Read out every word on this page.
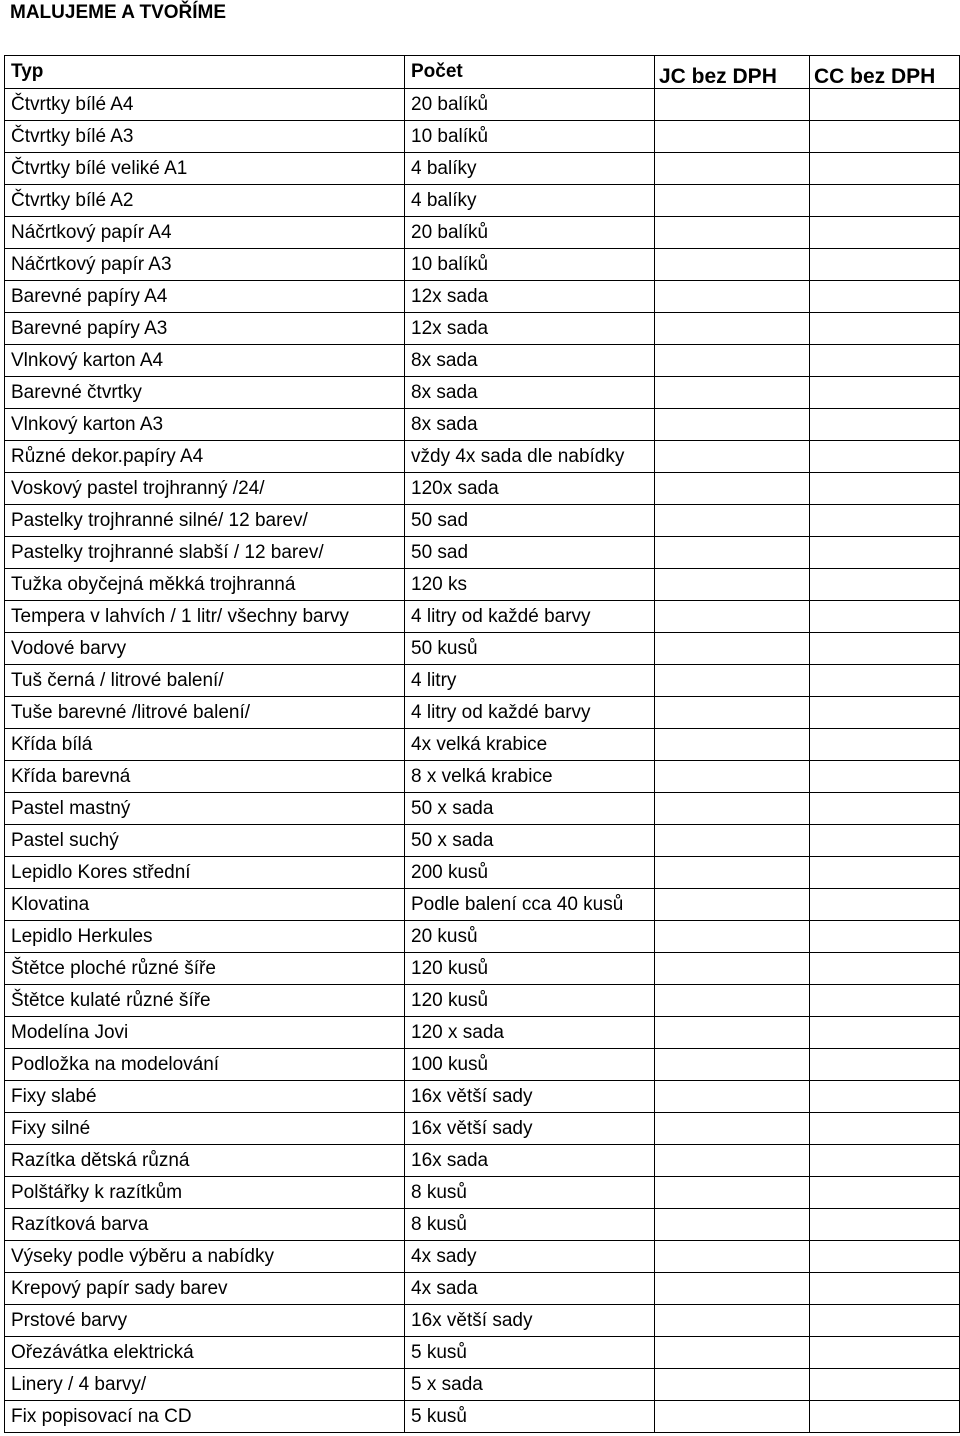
MALUJEME A TVOŘÍME
Typ	Počet	JC bez DPH	CC bez DPH
Čtvrtky bílé A4	20 balíků		
Čtvrtky bílé A3	10 balíků		
Čtvrtky bílé veliké A1	4 balíky		
Čtvrtky bílé A2	4 balíky		
Náčrtkový papír A4	20 balíků		
Náčrtkový papír A3	10 balíků		
Barevné papíry A4	12x sada		
Barevné papíry A3	12x sada		
Vlnkový karton A4	8x sada		
Barevné čtvrtky	8x sada		
Vlnkový karton A3	8x sada		
Různé dekor.papíry A4	vždy 4x sada dle nabídky		
Voskový pastel trojhranný /24/	120x sada		
Pastelky trojhranné silné/ 12 barev/	50 sad		
Pastelky trojhranné slabší / 12 barev/	50 sad		
Tužka obyčejná měkká trojhranná	120 ks		
Tempera v lahvích / 1 litr/ všechny barvy	4 litry od každé barvy		
Vodové barvy	50 kusů		
Tuš černá / litrové balení/	4 litry		
Tuše barevné /litrové balení/	4 litry od každé barvy		
Křída bílá	4x velká krabice		
Křída barevná	8 x velká krabice		
Pastel mastný	50 x sada		
Pastel suchý	50 x sada		
Lepidlo Kores střední	200 kusů		
Klovatina	Podle balení cca 40 kusů		
Lepidlo Herkules	20 kusů		
Štětce ploché různé šíře	120 kusů		
Štětce kulaté různé šíře	120 kusů		
Modelína Jovi	120 x sada		
Podložka na modelování	100 kusů		
Fixy slabé	16x větší sady		
Fixy silné	16x větší sady		
Razítka dětská různá	16x sada		
Polštářky k razítkům	8 kusů		
Razítková barva	8 kusů		
Výseky podle výběru a nabídky	4x sady		
Krepový papír sady barev	4x sada		
Prstové barvy	16x větší sady		
Ořezávátka elektrická	5 kusů		
Linery / 4 barvy/	5 x sada		
Fix popisovací na CD	5 kusů		
